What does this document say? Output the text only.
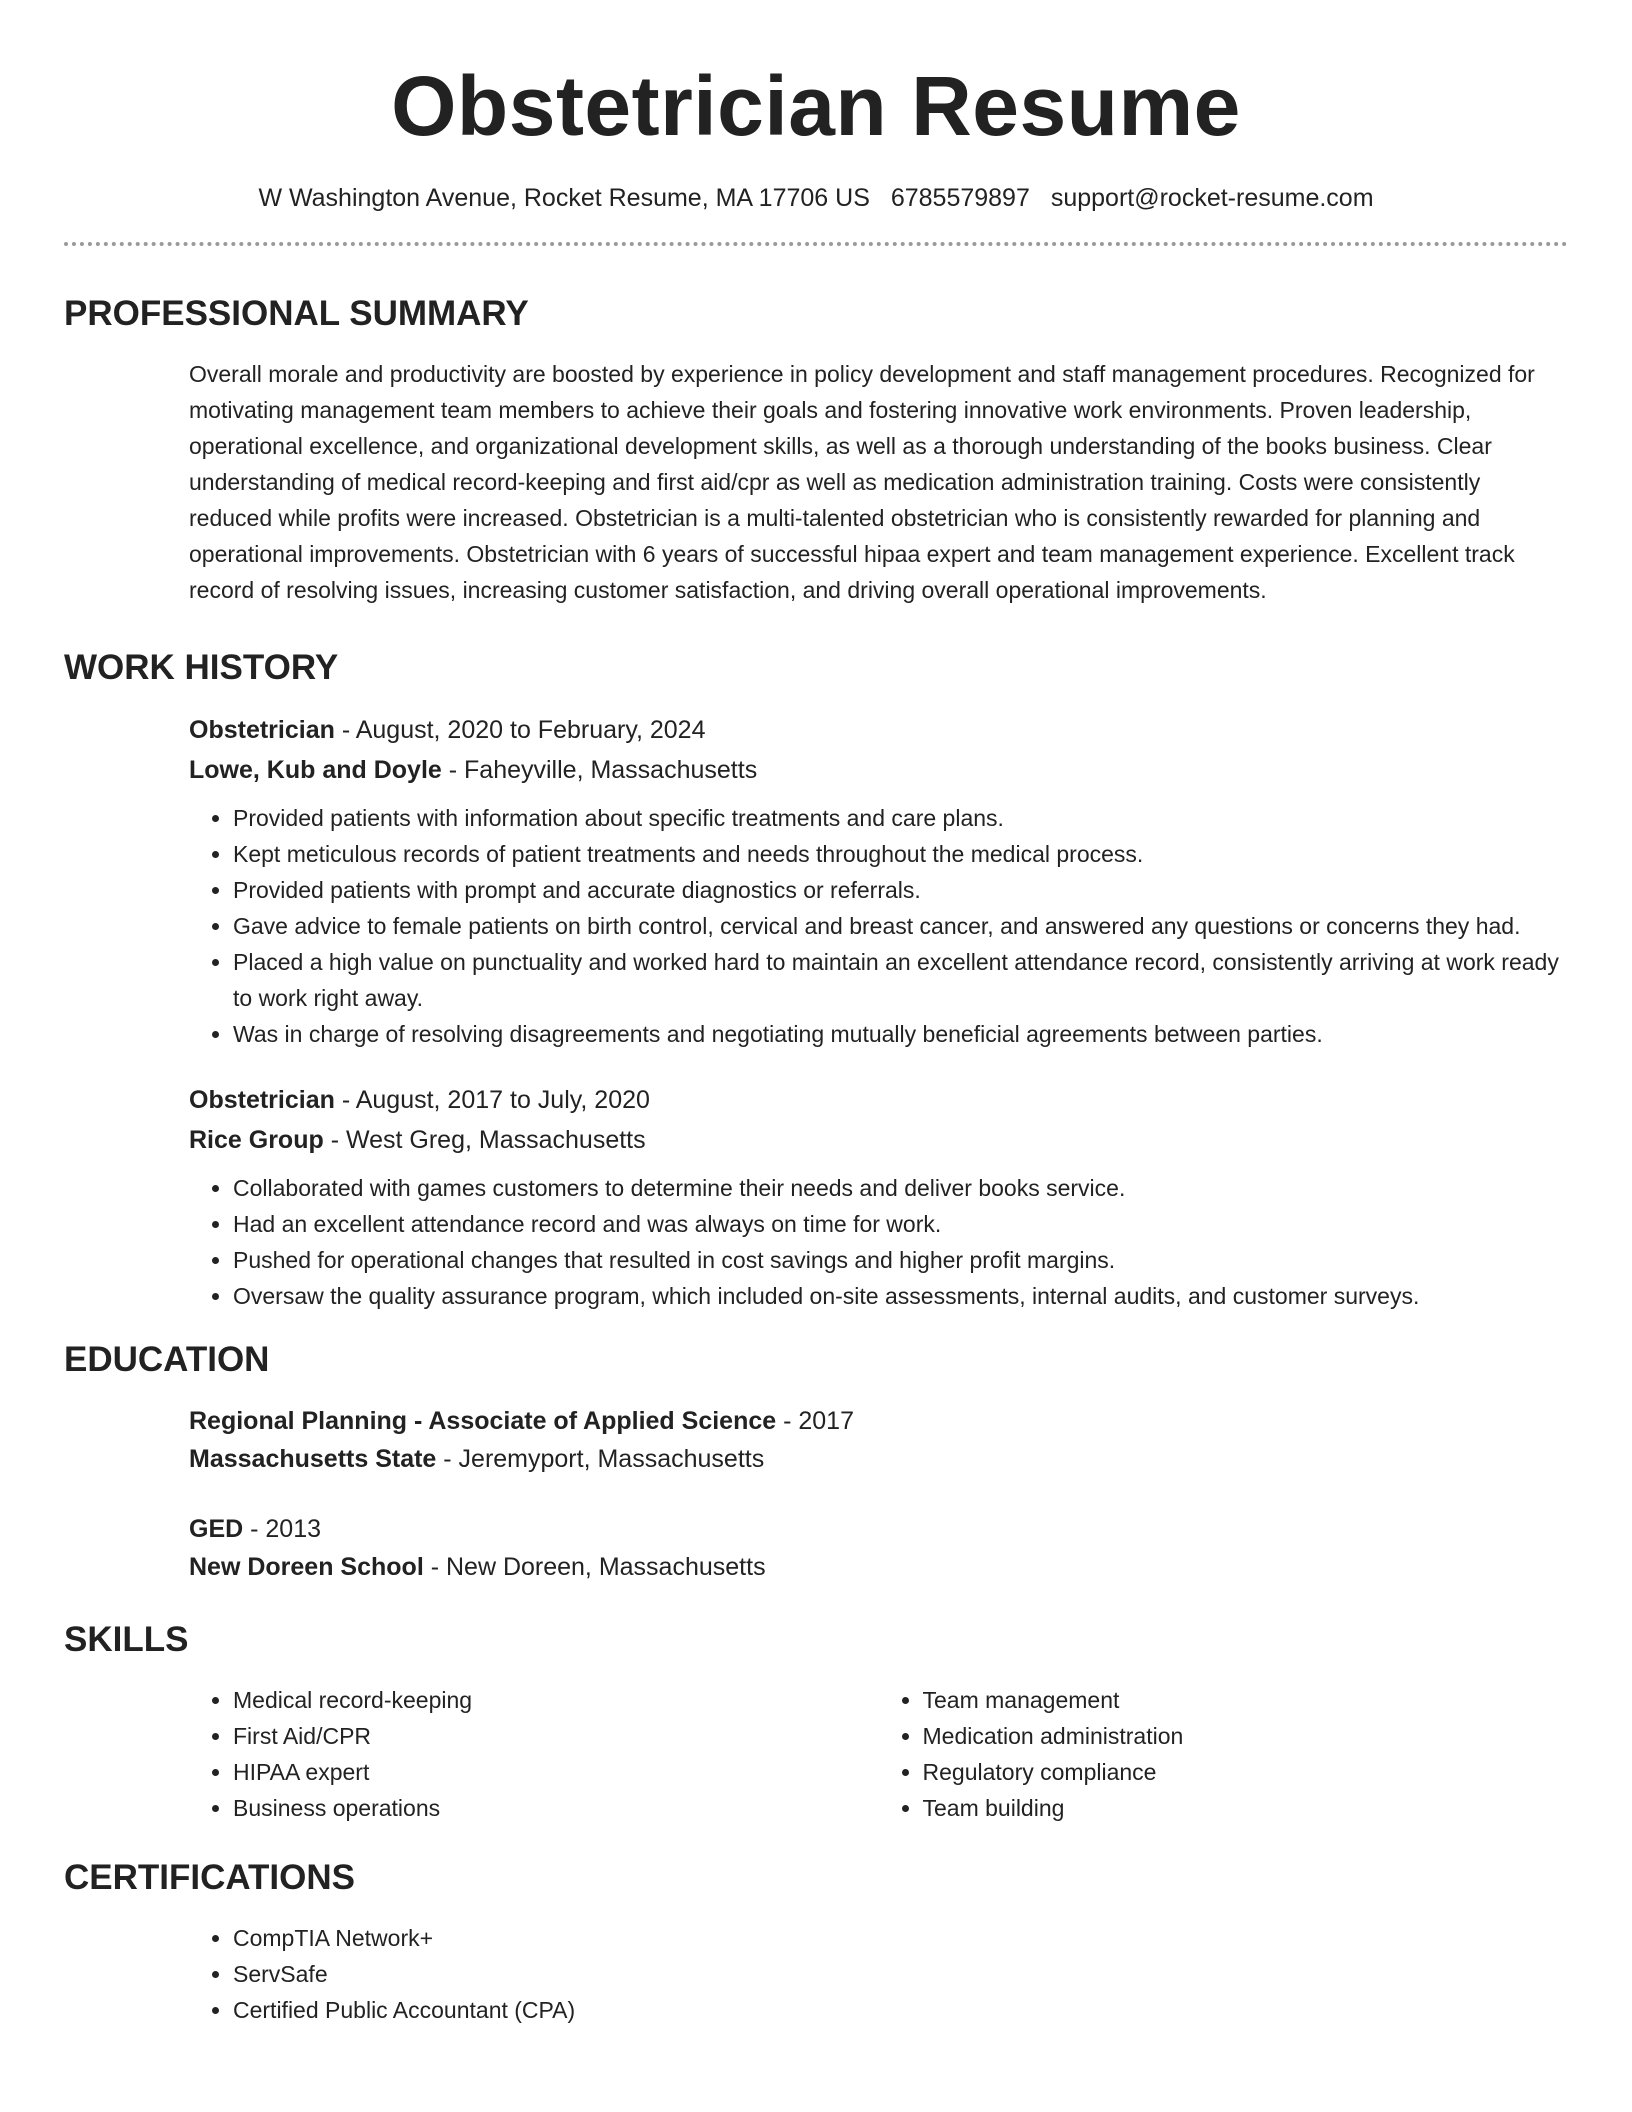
Obstetrician Resume
W Washington Avenue, Rocket Resume, MA 17706 US 6785579897 support@rocket-resume.com
PROFESSIONAL SUMMARY

Overall morale and productivity are boosted by experience in policy development and staff management procedures. Recognized for motivating management team members to achieve their goals and fostering innovative work environments. Proven leadership, operational excellence, and organizational development skills, as well as a thorough understanding of the books business. Clear understanding of medical record-keeping and first aid/cpr as well as medication administration training. Costs were consistently reduced while profits were increased. Obstetrician is a multi-talented obstetrician who is consistently rewarded for planning and operational improvements. Obstetrician with 6 years of successful hipaa expert and team management experience. Excellent track record of resolving issues, increasing customer satisfaction, and driving overall operational improvements.

WORK HISTORY
Obstetrician - August, 2020 to February, 2024
Lowe, Kub and Doyle - Faheyville, Massachusetts
• Provided patients with information about specific treatments and care plans.
• Kept meticulous records of patient treatments and needs throughout the medical process.
• Provided patients with prompt and accurate diagnostics or referrals.
• Gave advice to female patients on birth control, cervical and breast cancer, and answered any questions or concerns they had.
• Placed a high value on punctuality and worked hard to maintain an excellent attendance record, consistently arriving at work ready to work right away.
• Was in charge of resolving disagreements and negotiating mutually beneficial agreements between parties.
Obstetrician - August, 2017 to July, 2020
Rice Group - West Greg, Massachusetts
• Collaborated with games customers to determine their needs and deliver books service.
• Had an excellent attendance record and was always on time for work.
• Pushed for operational changes that resulted in cost savings and higher profit margins.
• Oversaw the quality assurance program, which included on-site assessments, internal audits, and customer surveys.
EDUCATION
Regional Planning - Associate of Applied Science - 2017
Massachusetts State - Jeremyport, Massachusetts
GED - 2013
New Doreen School - New Doreen, Massachusetts
SKILLS
• Medical record-keeping
• First Aid/CPR
• HIPAA expert
• Business operations
• Team management
• Medication administration
• Regulatory compliance
• Team building
CERTIFICATIONS
• CompTIA Network+
• ServSafe
• Certified Public Accountant (CPA)
